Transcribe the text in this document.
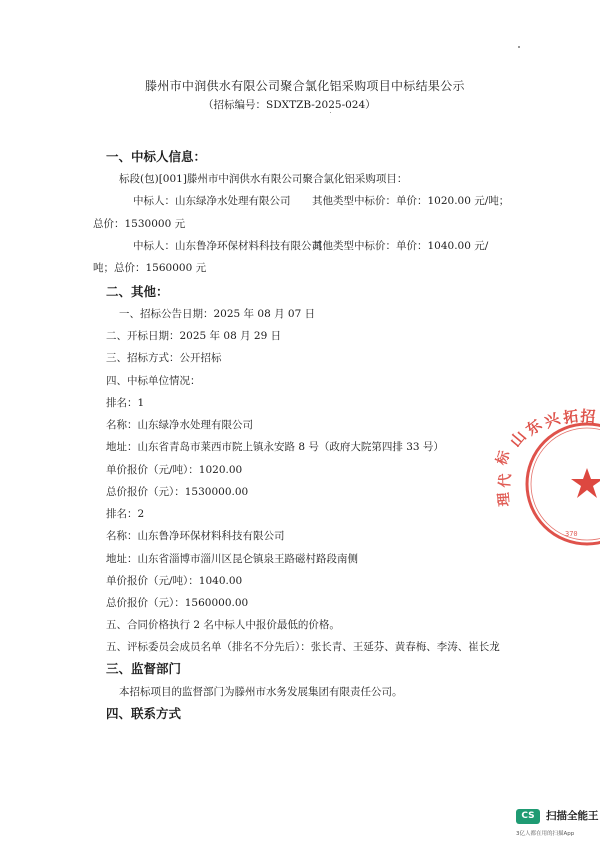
滕州市中润供水有限公司聚合氯化铝采购项目中标结果公示
（招标编号：SDXTZB-2025-024）
一、中标人信息：
标段(包)[001]滕州市中润供水有限公司聚合氯化铝采购项目：
中标人：山东绿净水处理有限公司 其他类型中标价：单价：1020.00 元/吨；
总价：1530000 元
中标人：山东鲁净环保材料科技有限公司
其他类型中标价：单价：1040.00 元/
吨；总价：1560000 元
二、其他：
一、招标公告日期：2025 年 08 月 07 日
二、开标日期：2025 年 08 月 29 日
三、招标方式：公开招标
四、中标单位情况：
排名：1
名称：山东绿净水处理有限公司
地址：山东省青岛市莱西市院上镇永安路 8 号（政府大院第四排 33 号）
单价报价（元/吨）：1020.00
总价报价（元）：1530000.00
排名：2
名称：山东鲁净环保材料科技有限公司
地址：山东省淄博市淄川区昆仑镇泉王路磁村路段南侧
单价报价（元/吨）：1040.00
总价报价（元）：1560000.00
五、合同价格执行 2 名中标人中报价最低的价格。
五、评标委员会成员名单（排名不分先后）：张长青、王延芬、黄春梅、李涛、崔长龙
三、监督部门
本招标项目的监督部门为滕州市水务发展集团有限责任公司。
四、联系方式
山
东
兴 拓 招
标
代
理
370
CS	扫描全能王
3亿人都在用的扫描App
